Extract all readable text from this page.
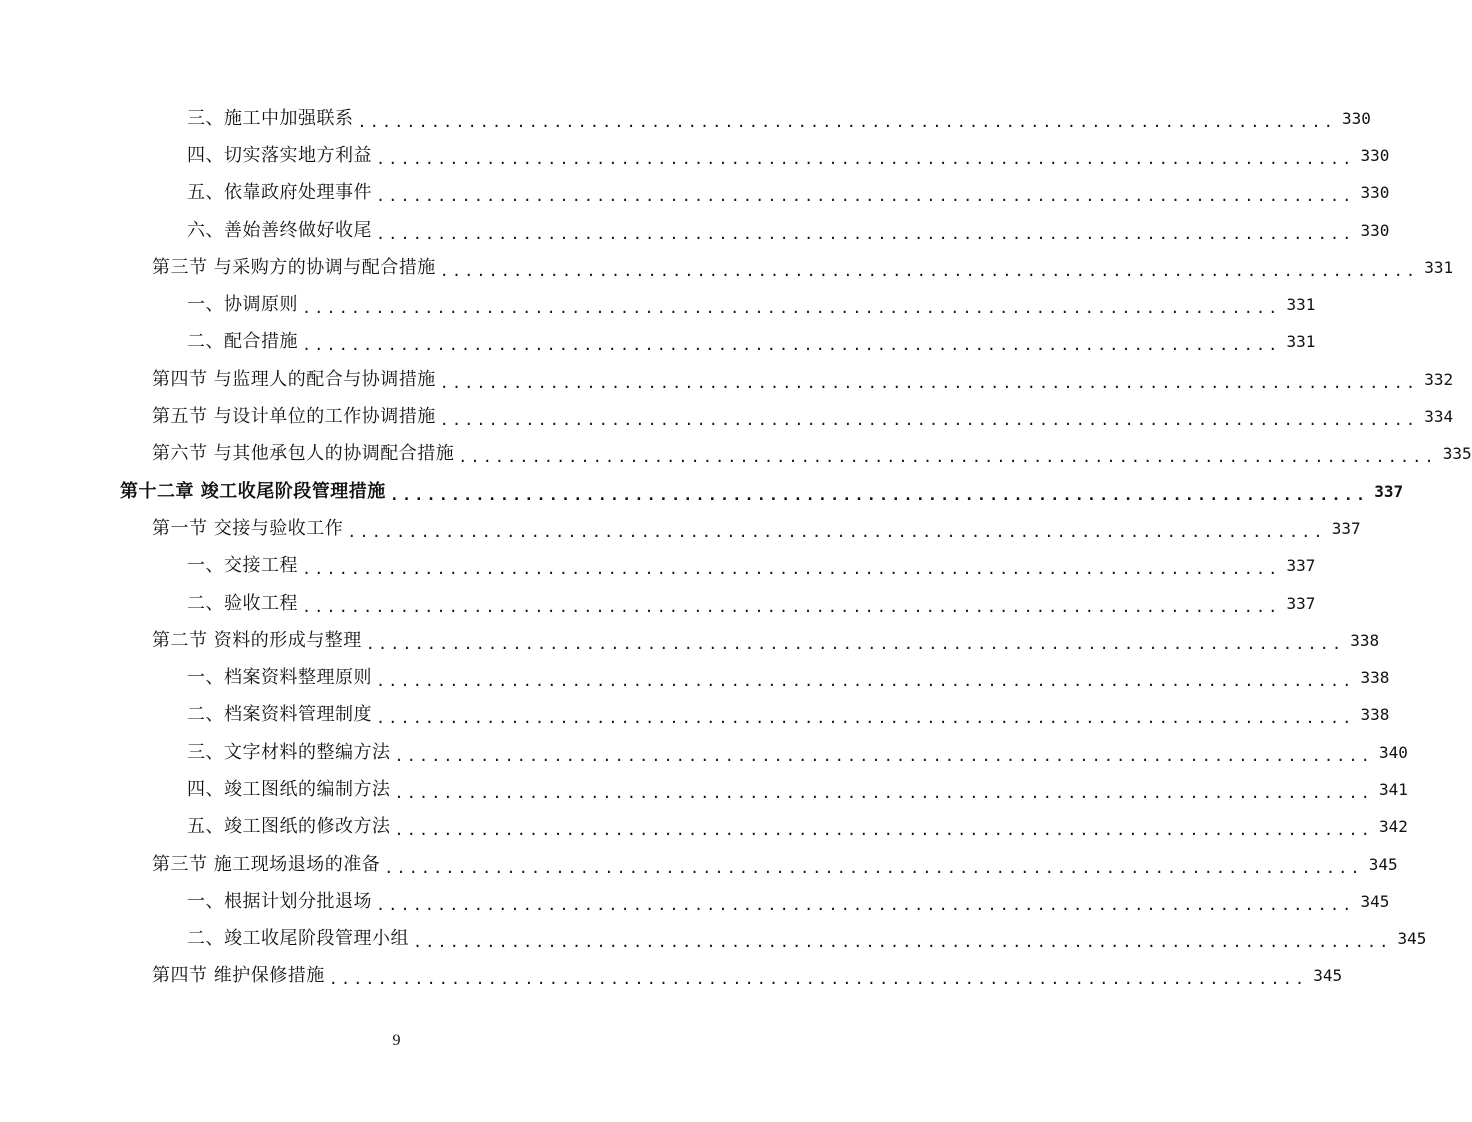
三、施工中加强联系 ................................................................................ 330
四、切实落实地方利益 ................................................................................ 330
五、依靠政府处理事件 ................................................................................ 330
六、善始善终做好收尾 ................................................................................ 330
第三节 与采购方的协调与配合措施 ................................................................................ 331
一、协调原则 ................................................................................ 331
二、配合措施 ................................................................................ 331
第四节 与监理人的配合与协调措施 ................................................................................ 332
第五节 与设计单位的工作协调措施 ................................................................................ 334
第六节 与其他承包人的协调配合措施 ................................................................................ 335
第十二章 竣工收尾阶段管理措施 ................................................................................ 337
第一节 交接与验收工作 ................................................................................ 337
一、交接工程 ................................................................................ 337
二、验收工程 ................................................................................ 337
第二节 资料的形成与整理 ................................................................................ 338
一、档案资料整理原则 ................................................................................ 338
二、档案资料管理制度 ................................................................................ 338
三、文字材料的整编方法 ................................................................................ 340
四、竣工图纸的编制方法 ................................................................................ 341
五、竣工图纸的修改方法 ................................................................................ 342
第三节 施工现场退场的准备 ................................................................................ 345
一、根据计划分批退场 ................................................................................ 345
二、竣工收尾阶段管理小组 ................................................................................ 345
第四节 维护保修措施 ................................................................................ 345
9
